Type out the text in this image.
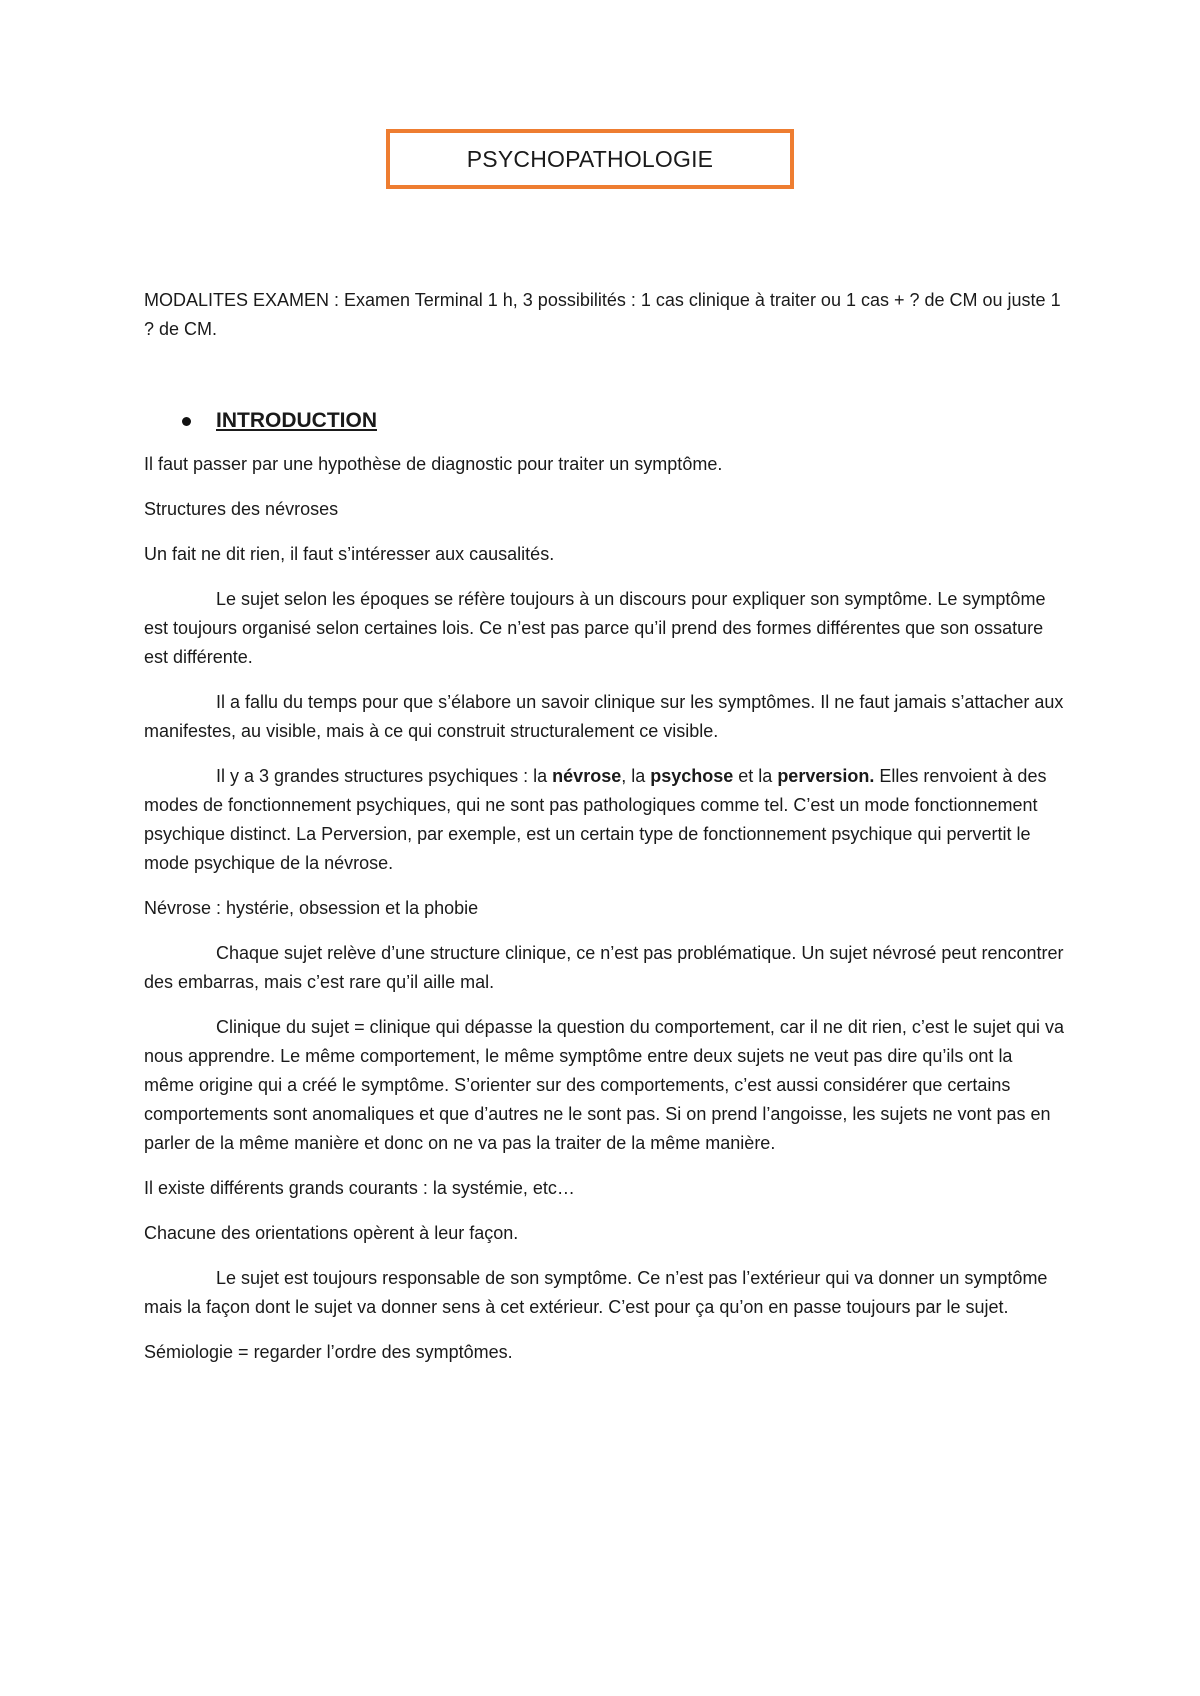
PSYCHOPATHOLOGIE

MODALITES EXAMEN : Examen Terminal 1 h, 3 possibilités : 1 cas clinique à traiter ou 1 cas + ? de CM ou juste 1 ? de CM.

INTRODUCTION

Il faut passer par une hypothèse de diagnostic pour traiter un symptôme.

Structures des névroses

Un fait ne dit rien, il faut s’intéresser aux causalités.

Le sujet selon les époques se réfère toujours à un discours pour expliquer son symptôme. Le symptôme est toujours organisé selon certaines lois. Ce n’est pas parce qu’il prend des formes différentes que son ossature est différente.

Il a fallu du temps pour que s’élabore un savoir clinique sur les symptômes. Il ne faut jamais s’attacher aux manifestes, au visible, mais à ce qui construit structuralement ce visible.

Il y a 3 grandes structures psychiques : la névrose, la psychose et la perversion. Elles renvoient à des modes de fonctionnement psychiques, qui ne sont pas pathologiques comme tel. C’est un mode fonctionnement psychique distinct. La Perversion, par exemple, est un certain type de fonctionnement psychique qui pervertit le mode psychique de la névrose.

Névrose : hystérie, obsession et la phobie

Chaque sujet relève d’une structure clinique, ce n’est pas problématique. Un sujet névrosé peut rencontrer des embarras, mais c’est rare qu’il aille mal.

Clinique du sujet = clinique qui dépasse la question du comportement, car il ne dit rien, c’est le sujet qui va nous apprendre. Le même comportement, le même symptôme entre deux sujets ne veut pas dire qu’ils ont la même origine qui a créé le symptôme. S’orienter sur des comportements, c’est aussi considérer que certains comportements sont anomaliques et que d’autres ne le sont pas. Si on prend l’angoisse, les sujets ne vont pas en parler de la même manière et donc on ne va pas la traiter de la même manière.

Il existe différents grands courants : la systémie, etc…

Chacune des orientations opèrent à leur façon.

Le sujet est toujours responsable de son symptôme. Ce n’est pas l’extérieur qui va donner un symptôme mais la façon dont le sujet va donner sens à cet extérieur. C’est pour ça qu’on en passe toujours par le sujet.

Sémiologie = regarder l’ordre des symptômes.
